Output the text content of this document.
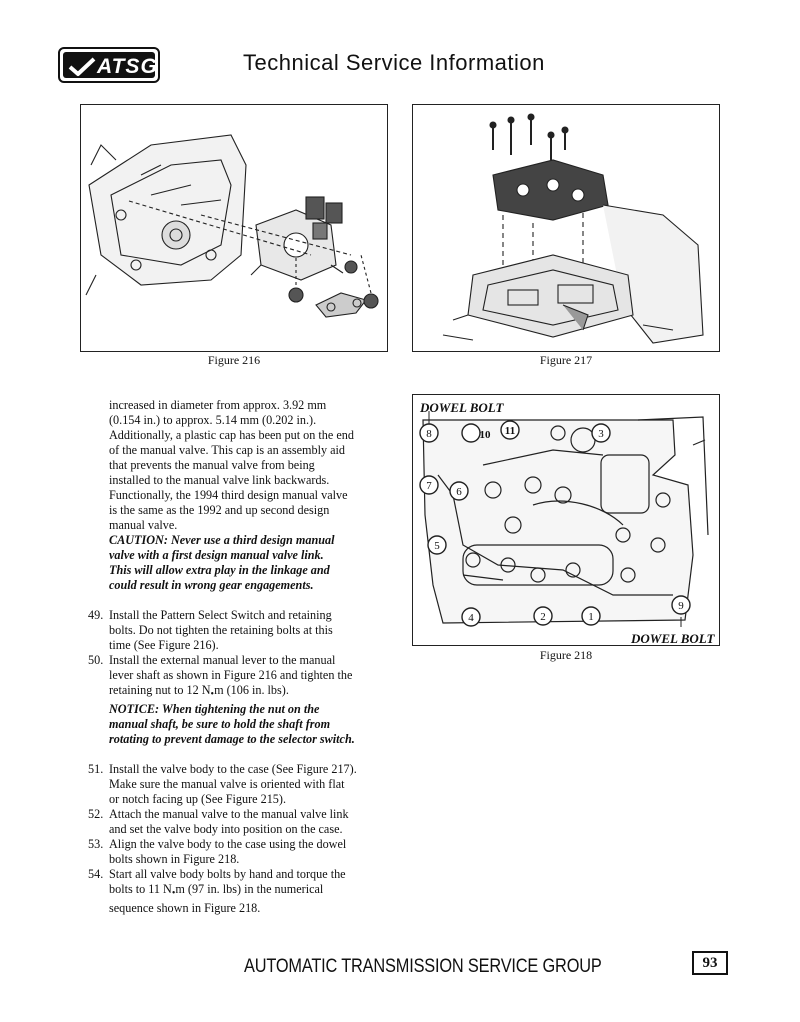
ATSG	Technical Service Information
Figure 216	Figure 217
1
2
3
4
5
6
7
8
9
10 11
DOWEL BOLT
DOWEL BOLT
Figure 218

increased in diameter from approx. 3.92 mm

(0.154 in.) to approx. 5.14 mm (0.202 in.).

Additionally, a plastic cap has been put on the end

of the manual valve. This cap is an assembly aid

that prevents the manual valve from being

installed to the manual valve link backwards.

Functionally, the 1994 third design manual valve

is the same as the 1992 and up second design

manual valve.

CAUTION: Never use a third design manual

valve with a first design manual valve link.

This will allow extra play in the linkage and

could result in wrong gear engagements.

49. Install the Pattern Select Switch and retaining

bolts. Do not tighten the retaining bolts at this

time (See Figure 216).

50. Install the external manual lever to the manual

lever shaft as shown in Figure 216 and tighten the

retaining nut to 12 $N_•m$ (106 in. lbs).

NOTICE: When tightening the nut on the

manual shaft, be sure to hold the shaft from

rotating to prevent damage to the selector switch.

51. Install the valve body to the case (See Figure 217).

Make sure the manual valve is oriented with flat

or notch facing up (See Figure 215).

52. Attach the manual valve to the manual valve link

and set the valve body into position on the case.

53. Align the valve body to the case using the dowel

bolts shown in Figure 218.

54. Start all valve body bolts by hand and torque the

bolts to 11 $N_•m$ (97 in. lbs) in the numerical

sequence shown in Figure 218.

AUTOMATIC TRANSMISSION SERVICE GROUP	93
